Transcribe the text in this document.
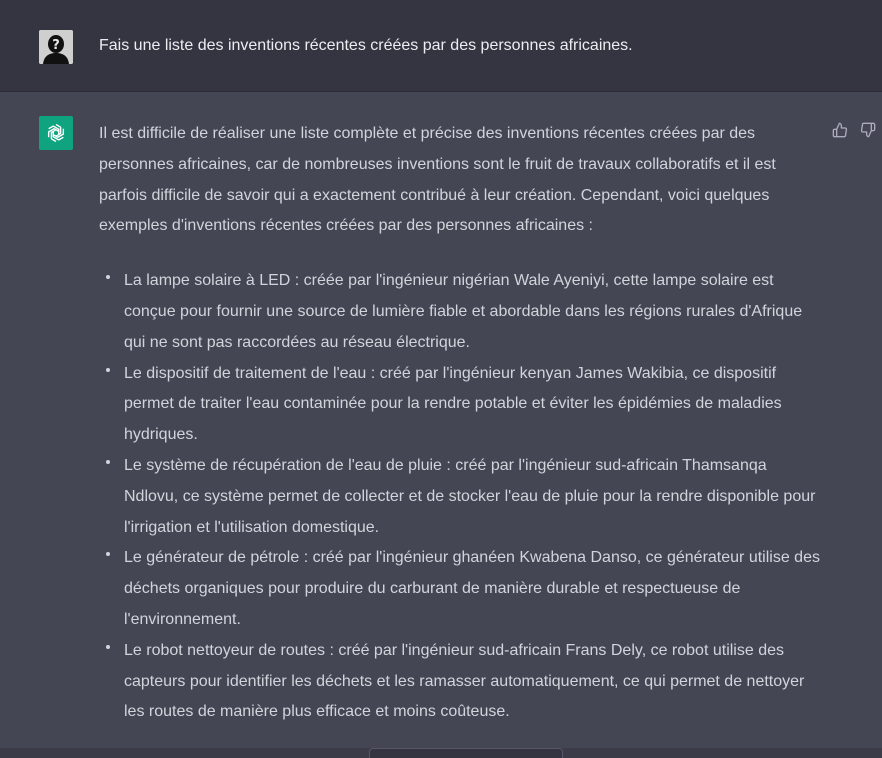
? Fais une liste des inventions récentes créées par des personnes africaines.

Il est difficile de réaliser une liste complète et précise des inventions récentes créées par des personnes africaines, car de nombreuses inventions sont le fruit de travaux collaboratifs et il est parfois difficile de savoir qui a exactement contribué à leur création. Cependant, voici quelques exemples d'inventions récentes créées par des personnes africaines :

La lampe solaire à LED : créée par l'ingénieur nigérian Wale Ayeniyi, cette lampe solaire est conçue pour fournir une source de lumière fiable et abordable dans les régions rurales d'Afrique qui ne sont pas raccordées au réseau électrique.
Le dispositif de traitement de l'eau : créé par l'ingénieur kenyan James Wakibia, ce dispositif permet de traiter l'eau contaminée pour la rendre potable et éviter les épidémies de maladies hydriques.
Le système de récupération de l'eau de pluie : créé par l'ingénieur sud-africain Thamsanqa Ndlovu, ce système permet de collecter et de stocker l'eau de pluie pour la rendre disponible pour l'irrigation et l'utilisation domestique.
Le générateur de pétrole : créé par l'ingénieur ghanéen Kwabena Danso, ce générateur utilise des déchets organiques pour produire du carburant de manière durable et respectueuse de l'environnement.
Le robot nettoyeur de routes : créé par l'ingénieur sud-africain Frans Dely, ce robot utilise des capteurs pour identifier les déchets et les ramasser automatiquement, ce qui permet de nettoyer les routes de manière plus efficace et moins coûteuse.
